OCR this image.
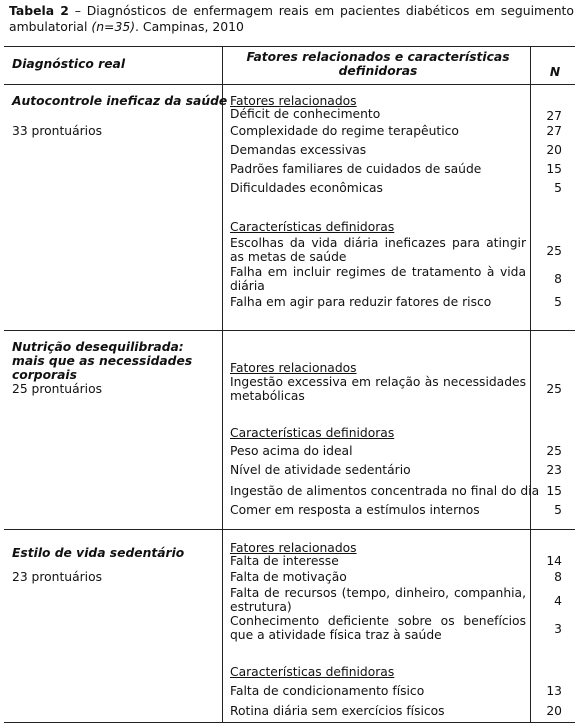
Tabela 2 – Diagnósticos de enfermagem reais em pacientes diabéticos em seguimento ambulatorial (n=35). Campinas, 2010
Diagnóstico real	Fatores relacionados e características definidoras	N
Autocontrole ineficaz da saúde
33 prontuários
Fatores relacionados
Déficit de conhecimento	27
Complexidade do regime terapêutico	27
Demandas excessivas	20
Padrões familiares de cuidados de saúde	15
Dificuldades econômicas	5
Características definidoras
Escolhas da vida diária ineficazes para atingir as metas de saúde	25
Falha em incluir regimes de tratamento à vida diária	8
Falha em agir para reduzir fatores de risco	5
Nutrição desequilibrada: mais que as necessidades corporais
25 prontuários
Fatores relacionados
Ingestão excessiva em relação às necessidades metabólicas	25
Características definidoras
Peso acima do ideal	25
Nível de atividade sedentário	23
Ingestão de alimentos concentrada no final do dia 15
Comer em resposta a estímulos internos	5
Estilo de vida sedentário
23 prontuários
Fatores relacionados
Falta de interesse	14
Falta de motivação	8
Falta de recursos (tempo, dinheiro, companhia, estrutura)	4
Conhecimento deficiente sobre os benefícios que a atividade física traz à saúde	3
Características definidoras
Falta de condicionamento físico	13
Rotina diária sem exercícios físicos	20
